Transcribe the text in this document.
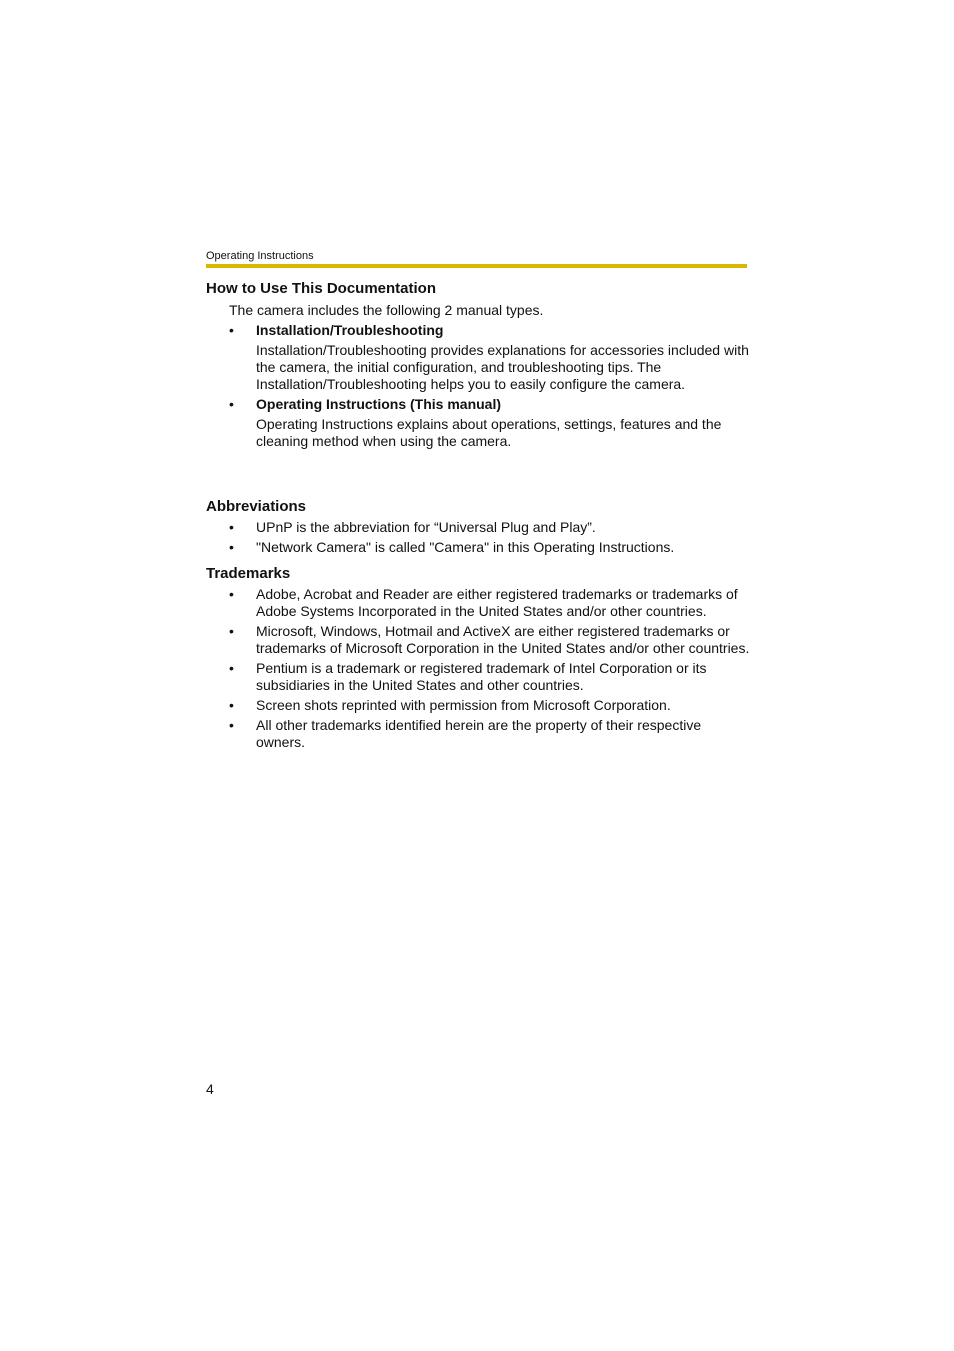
Operating Instructions
How to Use This Documentation
The camera includes the following 2 manual types.
• Installation/Troubleshooting
Installation/Troubleshooting provides explanations for accessories included with the camera, the initial configuration, and troubleshooting tips. The Installation/Troubleshooting helps you to easily configure the camera.
• Operating Instructions (This manual)
Operating Instructions explains about operations, settings, features and the cleaning method when using the camera.
Abbreviations
• UPnP is the abbreviation for “Universal Plug and Play”.
• "Network Camera" is called "Camera" in this Operating Instructions.
Trademarks
• Adobe, Acrobat and Reader are either registered trademarks or trademarks of Adobe Systems Incorporated in the United States and/or other countries.
• Microsoft, Windows, Hotmail and ActiveX are either registered trademarks or trademarks of Microsoft Corporation in the United States and/or other countries.
• Pentium is a trademark or registered trademark of Intel Corporation or its subsidiaries in the United States and other countries.
• Screen shots reprinted with permission from Microsoft Corporation.
• All other trademarks identified herein are the property of their respective owners.
4
